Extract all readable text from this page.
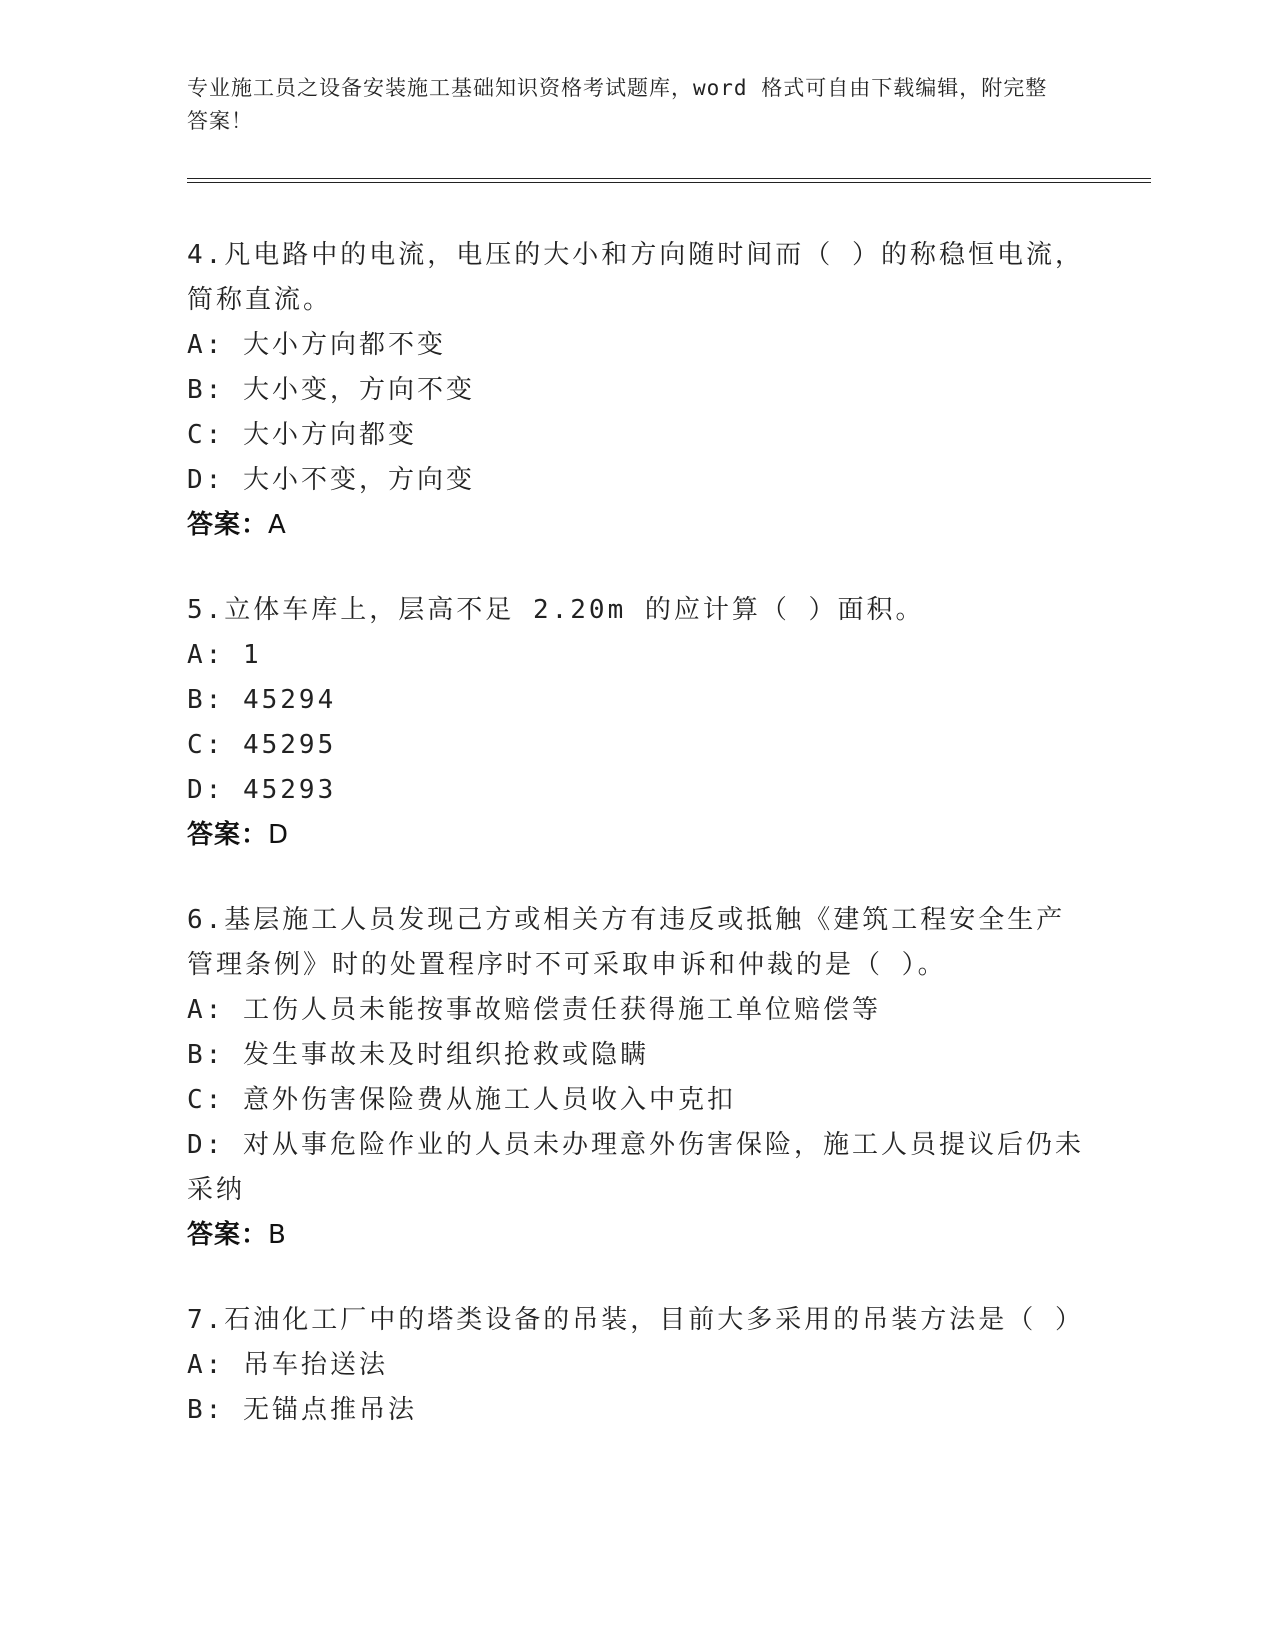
专业施工员之设备安装施工基础知识资格考试题库，word 格式可自由下载编辑，附完整答案！

4.凡电路中的电流，电压的大小和方向随时间而（ ）的称稳恒电流，简称直流。

A: 大小方向都不变

B: 大小变，方向不变

C: 大小方向都变

D: 大小不变，方向变

答案：A

5.立体车库上，层高不足 2.20m 的应计算（ ）面积。

A: 1

B: 45294

C: 45295

D: 45293

答案：D

6.基层施工人员发现己方或相关方有违反或抵触《建筑工程安全生产管理条例》时的处置程序时不可采取申诉和仲裁的是（ ）。

A: 工伤人员未能按事故赔偿责任获得施工单位赔偿等

B: 发生事故未及时组织抢救或隐瞒

C: 意外伤害保险费从施工人员收入中克扣

D: 对从事危险作业的人员未办理意外伤害保险，施工人员提议后仍未采纳

答案：B

7.石油化工厂中的塔类设备的吊装，目前大多采用的吊装方法是（ ）

A: 吊车抬送法

B: 无锚点推吊法
